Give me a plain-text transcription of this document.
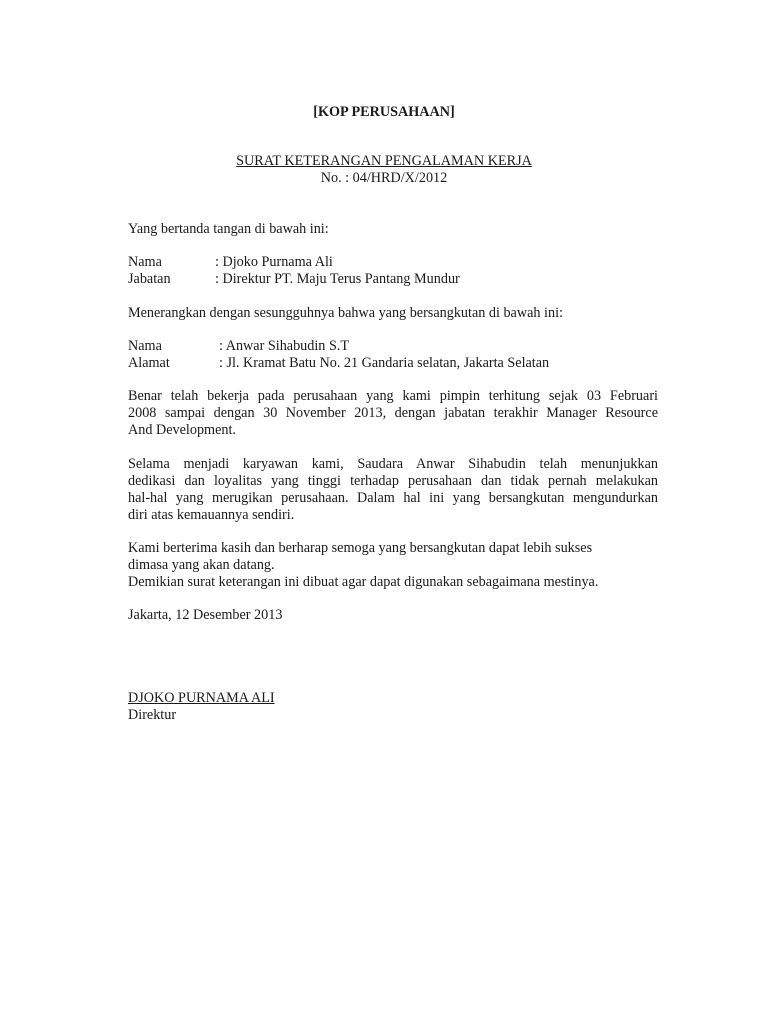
[KOP PERUSAHAAN]
SURAT KETERANGAN PENGALAMAN KERJA
No. : 04/HRD/X/2012
Yang bertanda tangan di bawah ini:
Nama	: Djoko Purnama Ali
Jabatan	: Direktur PT. Maju Terus Pantang Mundur
Menerangkan dengan sesungguhnya bahwa yang bersangkutan di bawah ini:
Nama	: Anwar Sihabudin S.T
Alamat	: Jl. Kramat Batu No. 21 Gandaria selatan, Jakarta Selatan
Benar telah bekerja pada perusahaan yang kami pimpin terhitung sejak 03 Februari
2008 sampai dengan 30 November 2013, dengan jabatan terakhir Manager Resource
And Development.
Selama menjadi karyawan kami, Saudara Anwar Sihabudin telah menunjukkan
dedikasi dan loyalitas yang tinggi terhadap perusahaan dan tidak pernah melakukan
hal-hal yang merugikan perusahaan. Dalam hal ini yang bersangkutan mengundurkan
diri atas kemauannya sendiri.
Kami berterima kasih dan berharap semoga yang bersangkutan dapat lebih sukses
dimasa yang akan datang.
Demikian surat keterangan ini dibuat agar dapat digunakan sebagaimana mestinya.
Jakarta, 12 Desember 2013
DJOKO PURNAMA ALI
Direktur
